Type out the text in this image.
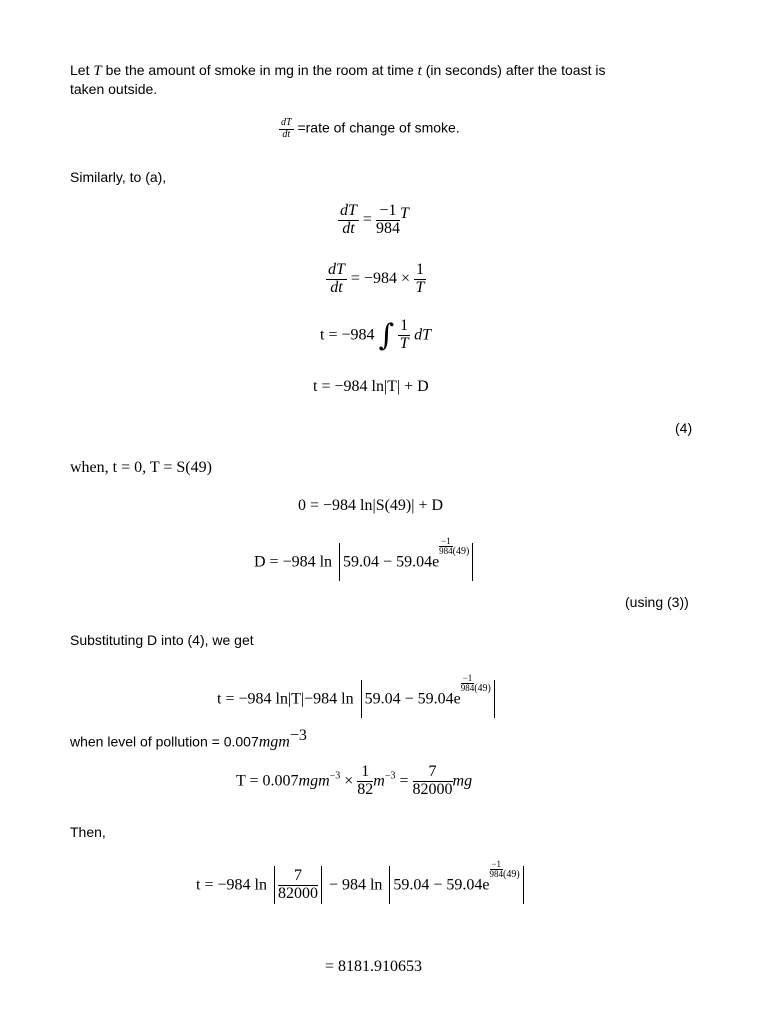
Let T be the amount of smoke in mg in the room at time t (in seconds) after the toast is
taken outside.
$\frac{dT}{dt}$ =rate of change of smoke.
Similarly, to (a),
$\frac{dT}{dt} = \frac{-1}{984}$ T
$\frac{dT}{dt} = -984 \times \frac{1}{T}$
t = −984 ∫ $\frac{1}{T}$ dT
t = −984 ln|T| + D
(4)
when, t = 0, T = S(49)
0 = −984 ln|S(49)| + D
D = −984 ln 59.04 − 59.04e
$\frac{-1}{984} ^{(49)}$
(using (3))
Substituting D into (4), we get
t = −984 ln|T|−984 ln 59.04 − 59.04e
$\frac{-1}{984} ^{(49)}$
when level of pollution = 0.007mgm$^{-3}$
$T = 0.007mgm^{-3} \times \frac{1}{82} m^{-3} = \frac{7}{82000}$ mg
Then,
t = −984 $\ln \frac{7}{82000} - 984$ ln 59.04 − 59.04e
$\frac{-1}{984} ^{(49)}$
= 8181.910653
